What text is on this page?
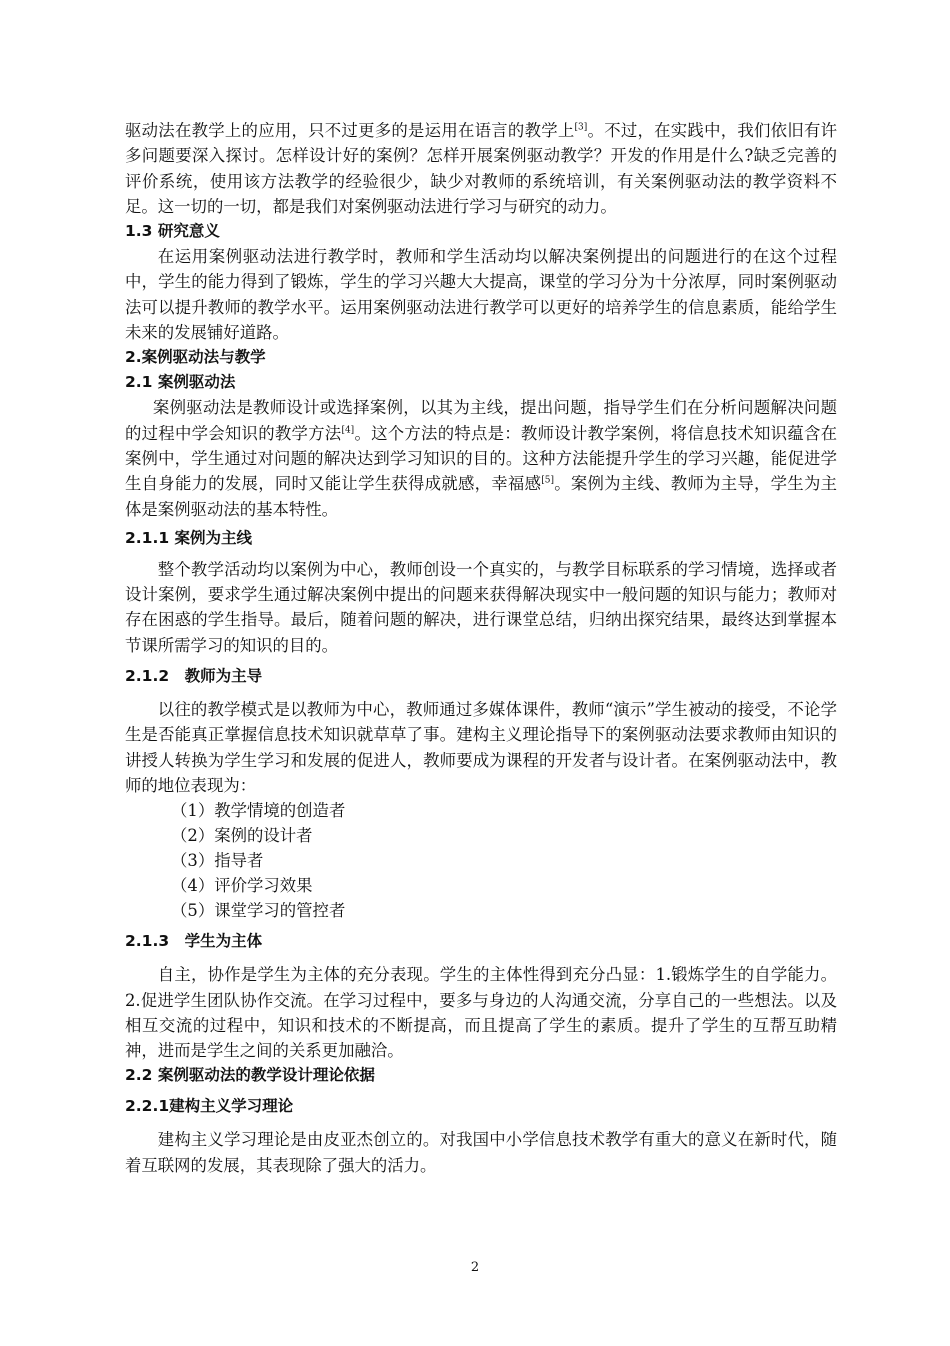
驱动法在教学上的应用，只不过更多的是运用在语言的教学上[3]。不过，在实践中，我们依旧有许多问题要深入探讨。怎样设计好的案例？怎样开展案例驱动教学？开发的作用是什么?缺乏完善的评价系统，使用该方法教学的经验很少，缺少对教师的系统培训，有关案例驱动法的教学资料不足。这一切的一切，都是我们对案例驱动法进行学习与研究的动力。

1.3 研究意义

在运用案例驱动法进行教学时，教师和学生活动均以解决案例提出的问题进行的在这个过程中，学生的能力得到了锻炼，学生的学习兴趣大大提高，课堂的学习分为十分浓厚，同时案例驱动法可以提升教师的教学水平。运用案例驱动法进行教学可以更好的培养学生的信息素质，能给学生未来的发展铺好道路。

2.案例驱动法与教学
2.1 案例驱动法

案例驱动法是教师设计或选择案例，以其为主线，提出问题，指导学生们在分析问题解决问题的过程中学会知识的教学方法[4]。这个方法的特点是：教师设计教学案例，将信息技术知识蕴含在案例中，学生通过对问题的解决达到学习知识的目的。这种方法能提升学生的学习兴趣，能促进学生自身能力的发展，同时又能让学生获得成就感，幸福感[5]。案例为主线、教师为主导，学生为主体是案例驱动法的基本特性。

2.1.1 案例为主线

整个教学活动均以案例为中心，教师创设一个真实的，与教学目标联系的学习情境，选择或者设计案例，要求学生通过解决案例中提出的问题来获得解决现实中一般问题的知识与能力；教师对存在困惑的学生指导。最后，随着问题的解决，进行课堂总结，归纳出探究结果，最终达到掌握本节课所需学习的知识的目的。

2.1.2　教师为主导

以往的教学模式是以教师为中心，教师通过多媒体课件，教师“演示”学生被动的接受，不论学生是否能真正掌握信息技术知识就草草了事。建构主义理论指导下的案例驱动法要求教师由知识的讲授人转换为学生学习和发展的促进人，教师要成为课程的开发者与设计者。在案例驱动法中，教师的地位表现为：

（1）教学情境的创造者
（2）案例的设计者
（3）指导者
（4）评价学习效果
（5）课堂学习的管控者
2.1.3　学生为主体

自主，协作是学生为主体的充分表现。学生的主体性得到充分凸显：1.锻炼学生的自学能力。2.促进学生团队协作交流。在学习过程中，要多与身边的人沟通交流，分享自己的一些想法。以及相互交流的过程中，知识和技术的不断提高，而且提高了学生的素质。提升了学生的互帮互助精神，进而是学生之间的关系更加融洽。

2.2 案例驱动法的教学设计理论依据
2.2.1建构主义学习理论

建构主义学习理论是由皮亚杰创立的。对我国中小学信息技术教学有重大的意义在新时代，随着互联网的发展，其表现除了强大的活力。

2
